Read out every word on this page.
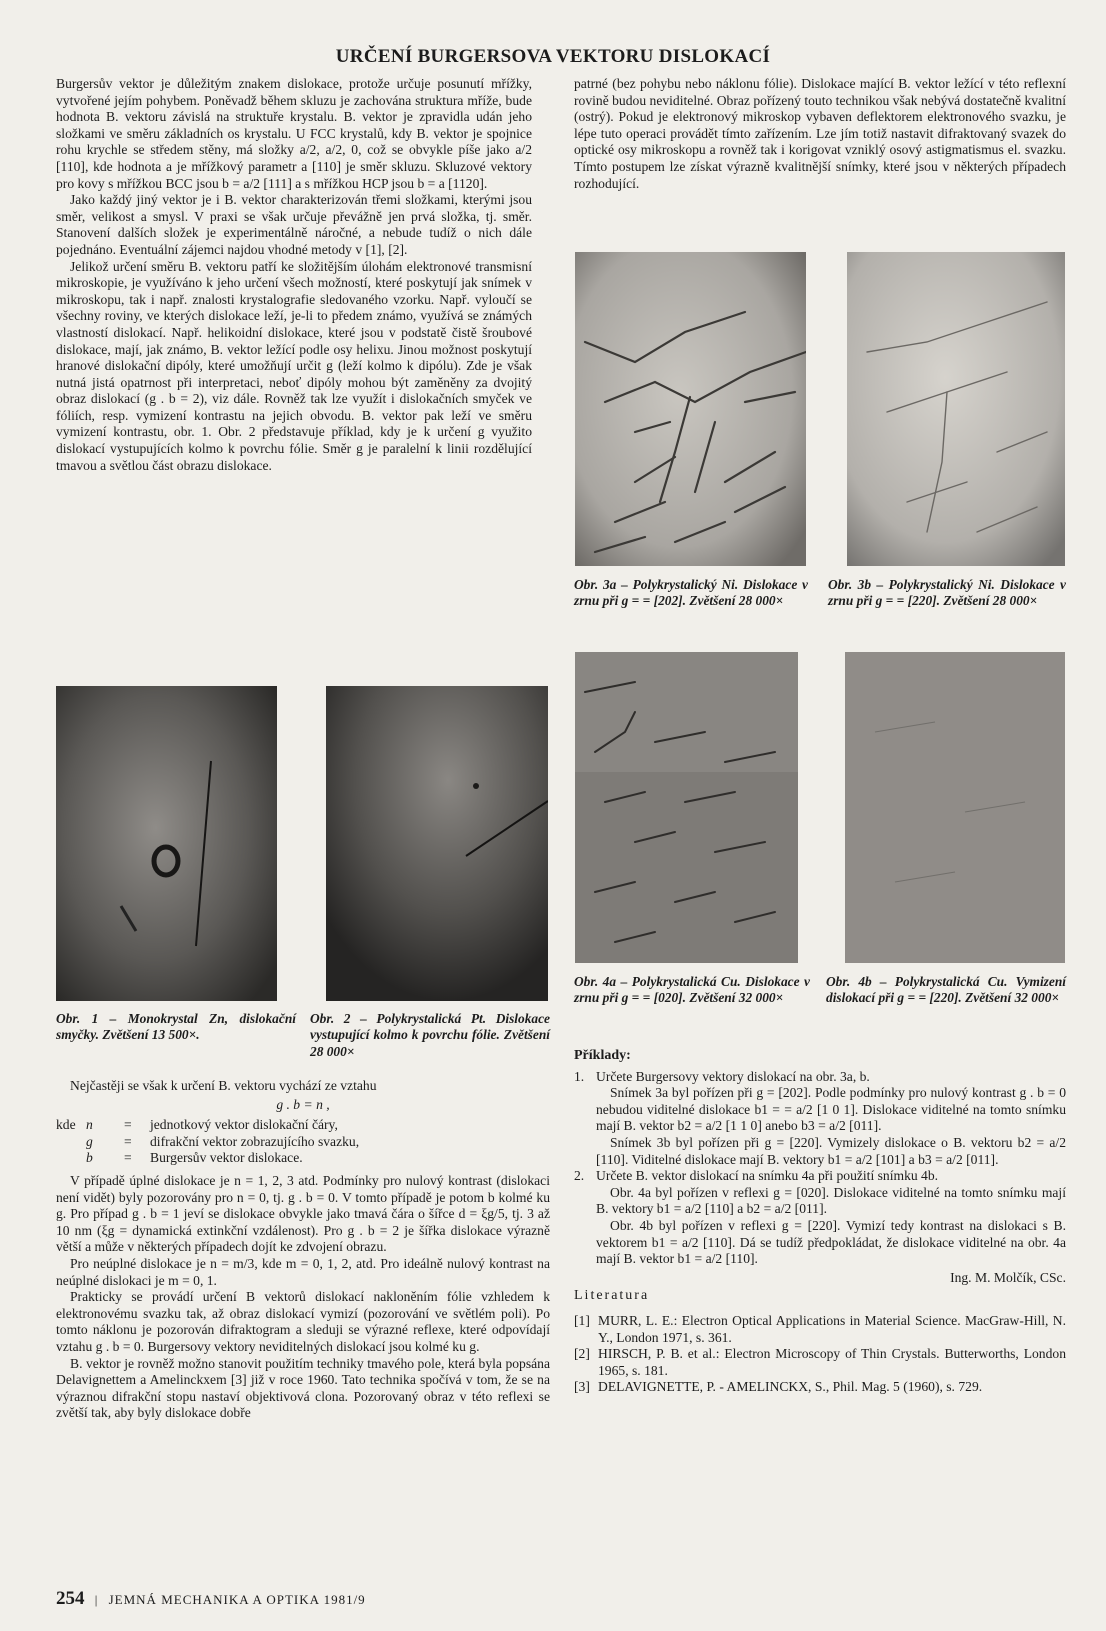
URČENÍ BURGERSOVA VEKTORU DISLOKACÍ

Burgersův vektor je důležitým znakem dislokace, protože určuje posunutí mřížky, vytvořené jejím pohybem. Poněvadž během skluzu je zachována struktura mříže, bude hodnota B. vektoru závislá na struktuře krystalu. B. vektor je zpravidla udán jeho složkami ve směru základních os krystalu. U FCC krystalů, kdy B. vektor je spojnice rohu krychle se středem stěny, má složky a/2, a/2, 0, což se obvykle píše jako a/2 [110], kde hodnota a je mřížkový parametr a [110] je směr skluzu. Skluzové vektory pro kovy s mřížkou BCC jsou b = a/2 [111] a s mřížkou HCP jsou b = a [1120].

Jako každý jiný vektor je i B. vektor charakterizován třemi složkami, kterými jsou směr, velikost a smysl. V praxi se však určuje převážně jen prvá složka, tj. směr. Stanovení dalších složek je experimentálně náročné, a nebude tudíž o nich dále pojednáno. Eventuální zájemci najdou vhodné metody v [1], [2].

Jelikož určení směru B. vektoru patří ke složitějším úlohám elektronové transmisní mikroskopie, je využíváno k jeho určení všech možností, které poskytují jak snímek v mikroskopu, tak i např. znalosti krystalografie sledovaného vzorku. Např. vyloučí se všechny roviny, ve kterých dislokace leží, je-li to předem známo, využívá se známých vlastností dislokací. Např. helikoidní dislokace, které jsou v podstatě čistě šroubové dislokace, mají, jak známo, B. vektor ležící podle osy helixu. Jinou možnost poskytují hranové dislokační dipóly, které umožňují určit g (leží kolmo k dipólu). Zde je však nutná jistá opatrnost při interpretaci, neboť dipóly mohou být zaměněny za dvojitý obraz dislokací (g . b = 2), viz dále. Rovněž tak lze využít i dislokačních smyček ve fóliích, resp. vymizení kontrastu na jejich obvodu. B. vektor pak leží ve směru vymizení kontrastu, obr. 1. Obr. 2 představuje příklad, kdy je k určení g využito dislokací vystupujících kolmo k povrchu fólie. Směr g je paralelní k linii rozdělující tmavou a světlou část obrazu dislokace.

patrné (bez pohybu nebo náklonu fólie). Dislokace mající B. vektor ležící v této reflexní rovině budou neviditelné. Obraz pořízený touto technikou však nebývá dostatečně kvalitní (ostrý). Pokud je elektronový mikroskop vybaven deflektorem elektronového svazku, je lépe tuto operaci provádět tímto zařízením. Lze jím totiž nastavit difraktovaný svazek do optické osy mikroskopu a rovněž tak i korigovat vzniklý osový astigmatismus el. svazku. Tímto postupem lze získat výrazně kvalitnější snímky, které jsou v některých případech rozhodující.

Obr. 3a – Polykrystalický Ni. Dislokace v zrnu při g = = [202]. Zvětšení 28 000×
Obr. 3b – Polykrystalický Ni. Dislokace v zrnu při g = = [220]. Zvětšení 28 000×
Obr. 4a – Polykrystalická Cu. Dislokace v zrnu při g = = [020]. Zvětšení 32 000×
Obr. 4b – Polykrystalická Cu. Vymizení dislokací při g = = [220]. Zvětšení 32 000×
Obr. 1 – Monokrystal Zn, dislokační smyčky. Zvětšení 13 500×.
Obr. 2 – Polykrystalická Pt. Dislokace vystupující kolmo k povrchu fólie. Zvětšení 28 000×

Nejčastěji se však k určení B. vektoru vychází ze vztahu

g . b = n ,
kde n	=	jednotkový vektor dislokační čáry,
g	=	difrakční vektor zobrazujícího svazku,
b	=	Burgersův vektor dislokace.

V případě úplné dislokace je n = 1, 2, 3 atd. Podmínky pro nulový kontrast (dislokaci není vidět) byly pozorovány pro n = 0, tj. g . b = 0. V tomto případě je potom b kolmé ku g. Pro případ g . b = 1 jeví se dislokace obvykle jako tmavá čára o šířce d = ξg/5, tj. 3 až 10 nm (ξg = dynamická extinkční vzdálenost). Pro g . b = 2 je šířka dislokace výrazně větší a může v některých případech dojít ke zdvojení obrazu.

Pro neúplné dislokace je n = m/3, kde m = 0, 1, 2, atd. Pro ideálně nulový kontrast na neúplné dislokaci je m = 0, 1.

Prakticky se provádí určení B vektorů dislokací nakloněním fólie vzhledem k elektronovému svazku tak, až obraz dislokací vymizí (pozorování ve světlém poli). Po tomto náklonu je pozorován difraktogram a sleduji se výrazné reflexe, které odpovídají vztahu g . b = 0. Burgersovy vektory neviditelných dislokací jsou kolmé ku g.

B. vektor je rovněž možno stanovit použitím techniky tmavého pole, která byla popsána Delavignettem a Amelinckxem [3] již v roce 1960. Tato technika spočívá v tom, že se na výraznou difrakční stopu nastaví objektivová clona. Pozorovaný obraz v této reflexi se zvětší tak, aby byly dislokace dobře

Příklady:
1. Určete Burgersovy vektory dislokací na obr. 3a, b.

Snímek 3a byl pořízen při g = [202]. Podle podmínky pro nulový kontrast g . b = 0 nebudou viditelné dislokace b1 = = a/2 [1 0 1]. Dislokace viditelné na tomto snímku mají B. vektor b2 = a/2 [1 1 0] anebo b3 = a/2 [011].

Snímek 3b byl pořízen při g = [220]. Vymizely dislokace o B. vektoru b2 = a/2 [110]. Viditelné dislokace mají B. vektory b1 = a/2 [101] a b3 = a/2 [011].

2. Určete B. vektor dislokací na snímku 4a při použití snímku 4b.

Obr. 4a byl pořízen v reflexi g = [020]. Dislokace viditelné na tomto snímku mají B. vektory b1 = a/2 [110] a b2 = a/2 [011].

Obr. 4b byl pořízen v reflexi g = [220]. Vymizí tedy kontrast na dislokaci s B. vektorem b1 = a/2 [110]. Dá se tudíž předpokládat, že dislokace viditelné na obr. 4a mají B. vektor b1 = a/2 [110].

Ing. M. Molčík, CSc.
Literatura
[1] MURR, L. E.: Electron Optical Applications in Material Science. MacGraw-Hill, N. Y., London 1971, s. 361.
[2] HIRSCH, P. B. et al.: Electron Microscopy of Thin Crystals. Butterworths, London 1965, s. 181.
[3] DELAVIGNETTE, P. - AMELINCKX, S., Phil. Mag. 5 (1960), s. 729.
254 | JEMNÁ MECHANIKA A OPTIKA 1981/9
